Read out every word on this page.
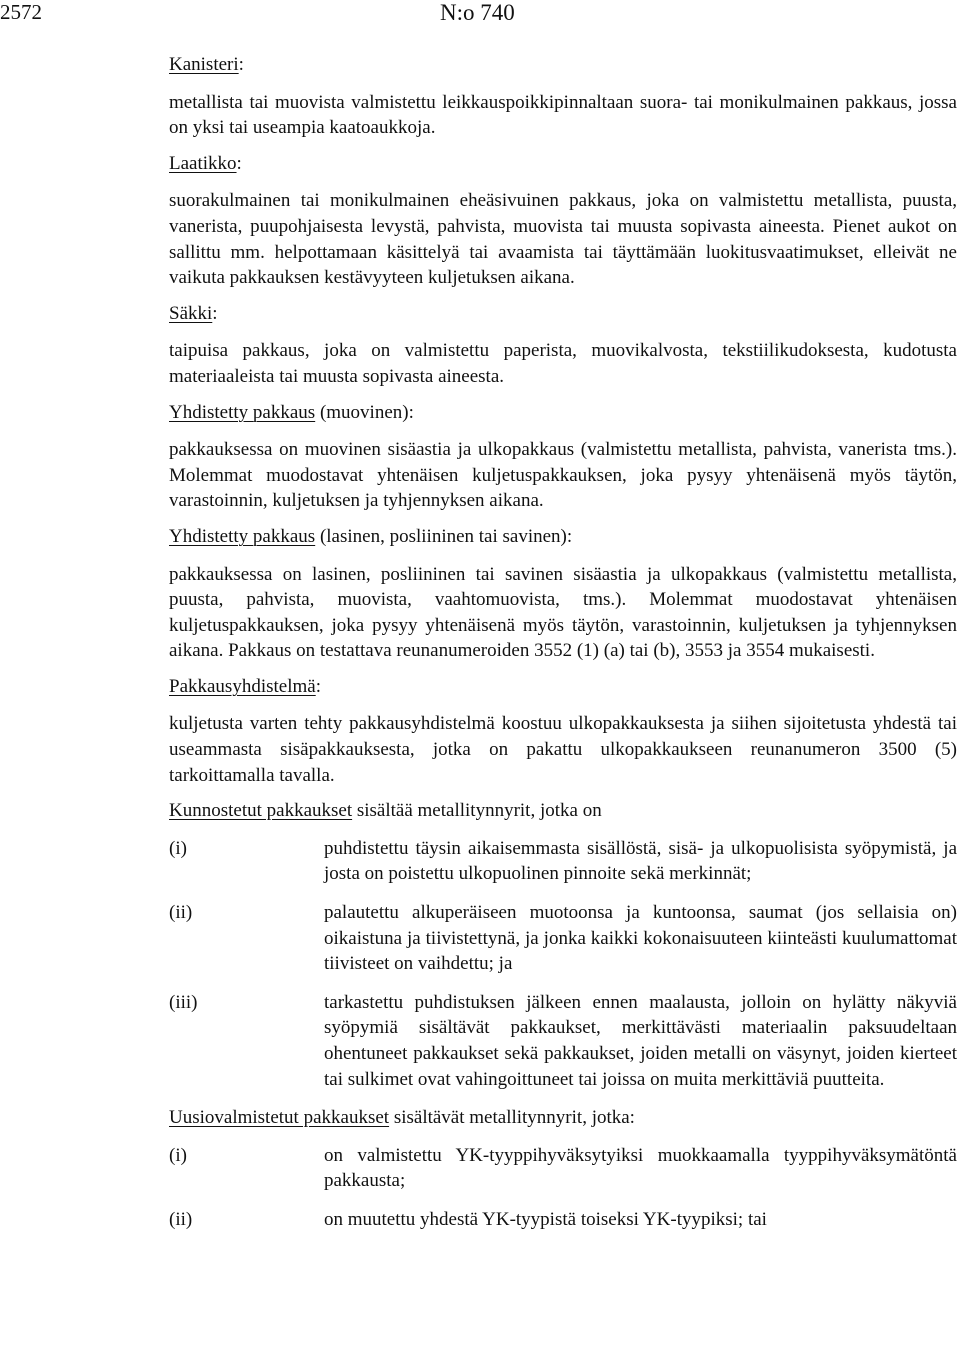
2572	N:o 740
Kanisteri:

metallista tai muovista valmistettu leikkauspoikkipinnaltaan suora- tai monikulmainen pakkaus, jossa on yksi tai useampia kaatoaukkoja.

Laatikko:

suorakulmainen tai monikulmainen eheäsivuinen pakkaus, joka on valmistettu metallista, puusta, vanerista, puupohjaisesta levystä, pahvista, muovista tai muusta sopivasta aineesta. Pienet aukot on sallittu mm. helpottamaan käsittelyä tai avaamista tai täyttämään luokitusvaatimukset, elleivät ne vaikuta pakkauksen kestävyyteen kuljetuksen aikana.

Säkki:

taipuisa pakkaus, joka on valmistettu paperista, muovikalvosta, tekstiilikudoksesta, kudotusta materiaaleista tai muusta sopivasta aineesta.

Yhdistetty pakkaus (muovinen):

pakkauksessa on muovinen sisäastia ja ulkopakkaus (valmistettu metallista, pahvista, vanerista tms.). Molemmat muodostavat yhtenäisen kuljetuspakkauksen, joka pysyy yhtenäisenä myös täytön, varastoinnin, kuljetuksen ja tyhjennyksen aikana.

Yhdistetty pakkaus (lasinen, posliininen tai savinen):

pakkauksessa on lasinen, posliininen tai savinen sisäastia ja ulkopakkaus (valmistettu metallista, puusta, pahvista, muovista, vaahtomuovista, tms.). Molemmat muodostavat yhtenäisen kuljetuspakkauksen, joka pysyy yhtenäisenä myös täytön, varastoinnin, kuljetuksen ja tyhjennyksen aikana. Pakkaus on testattava reunanumeroiden 3552 (1) (a) tai (b), 3553 ja 3554 mukaisesti.

Pakkausyhdistelmä:

kuljetusta varten tehty pakkausyhdistelmä koostuu ulkopakkauksesta ja siihen sijoitetusta yhdestä tai useammasta sisäpakkauksesta, jotka on pakattu ulkopakkaukseen reunanumeron 3500 (5) tarkoittamalla tavalla.

Kunnostetut pakkaukset sisältää metallitynnyrit, jotka on
(i)	puhdistettu täysin aikaisemmasta sisällöstä, sisä- ja ulkopuolisista syöpymistä, ja josta on poistettu ulkopuolinen pinnoite sekä merkinnät;
(ii)	palautettu alkuperäiseen muotoonsa ja kuntoonsa, saumat (jos sellaisia on) oikaistuna ja tiivistettynä, ja jonka kaikki kokonaisuuteen kiinteästi kuulumattomat tiivisteet on vaihdettu; ja
(iii)	tarkastettu puhdistuksen jälkeen ennen maalausta, jolloin on hylätty näkyviä syöpymiä sisältävät pakkaukset, merkittävästi materiaalin paksuudeltaan ohentuneet pakkaukset sekä pakkaukset, joiden metalli on väsynyt, joiden kierteet tai sulkimet ovat vahingoittuneet tai joissa on muita merkittäviä puutteita.
Uusiovalmistetut pakkaukset sisältävät metallitynnyrit, jotka:
(i)	on valmistettu YK-tyyppihyväksytyiksi muokkaamalla tyyppihyväksymätöntä pakkausta;
(ii)	on muutettu yhdestä YK-tyypistä toiseksi YK-tyypiksi; tai
